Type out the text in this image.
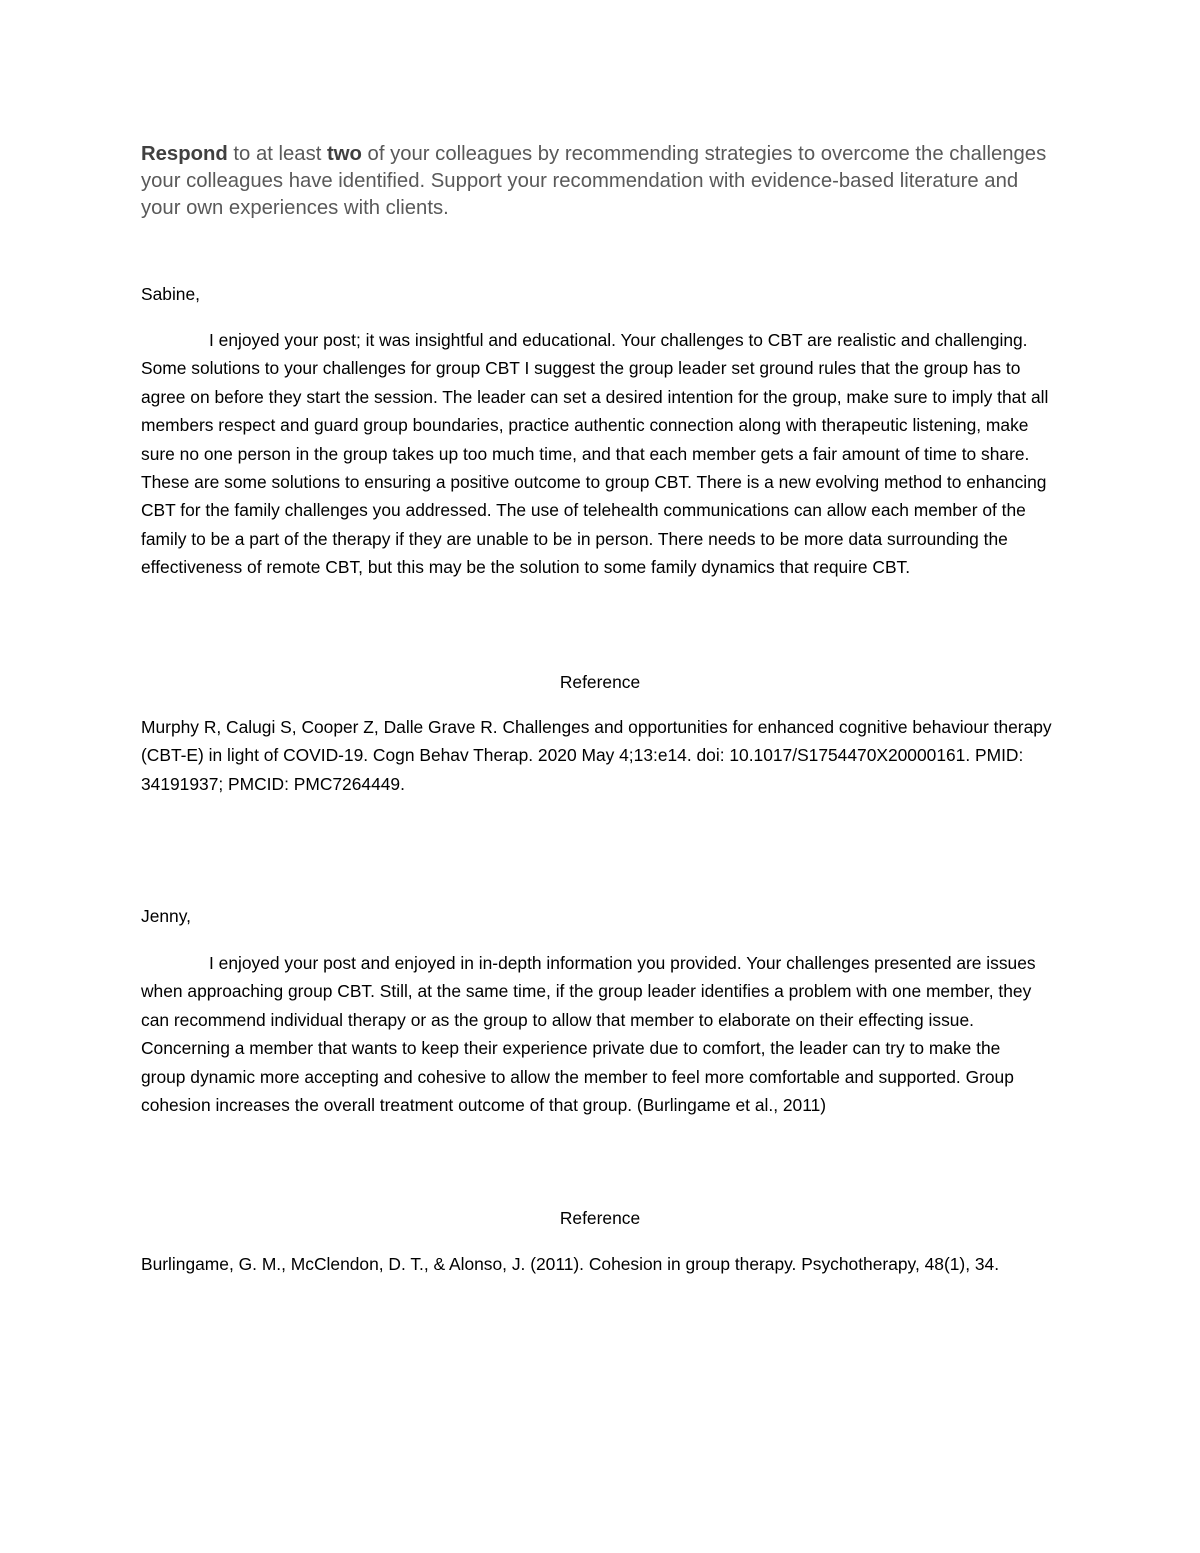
Respond to at least two of your colleagues by recommending strategies to overcome the challenges your colleagues have identified. Support your recommendation with evidence-based literature and your own experiences with clients.

Sabine,

I enjoyed your post; it was insightful and educational. Your challenges to CBT are realistic and challenging. Some solutions to your challenges for group CBT I suggest the group leader set ground rules that the group has to agree on before they start the session. The leader can set a desired intention for the group, make sure to imply that all members respect and guard group boundaries, practice authentic connection along with therapeutic listening, make sure no one person in the group takes up too much time, and that each member gets a fair amount of time to share. These are some solutions to ensuring a positive outcome to group CBT. There is a new evolving method to enhancing CBT for the family challenges you addressed. The use of telehealth communications can allow each member of the family to be a part of the therapy if they are unable to be in person. There needs to be more data surrounding the effectiveness of remote CBT, but this may be the solution to some family dynamics that require CBT.

Reference

Murphy R, Calugi S, Cooper Z, Dalle Grave R. Challenges and opportunities for enhanced cognitive behaviour therapy (CBT-E) in light of COVID-19. Cogn Behav Therap. 2020 May 4;13:e14. doi: 10.1017/S1754470X20000161. PMID: 34191937; PMCID: PMC7264449.

Jenny,

I enjoyed your post and enjoyed in in-depth information you provided. Your challenges presented are issues when approaching group CBT. Still, at the same time, if the group leader identifies a problem with one member, they can recommend individual therapy or as the group to allow that member to elaborate on their effecting issue. Concerning a member that wants to keep their experience private due to comfort, the leader can try to make the group dynamic more accepting and cohesive to allow the member to feel more comfortable and supported. Group cohesion increases the overall treatment outcome of that group. (Burlingame et al., 2011)

Reference

Burlingame, G. M., McClendon, D. T., & Alonso, J. (2011). Cohesion in group therapy. Psychotherapy, 48(1), 34.
